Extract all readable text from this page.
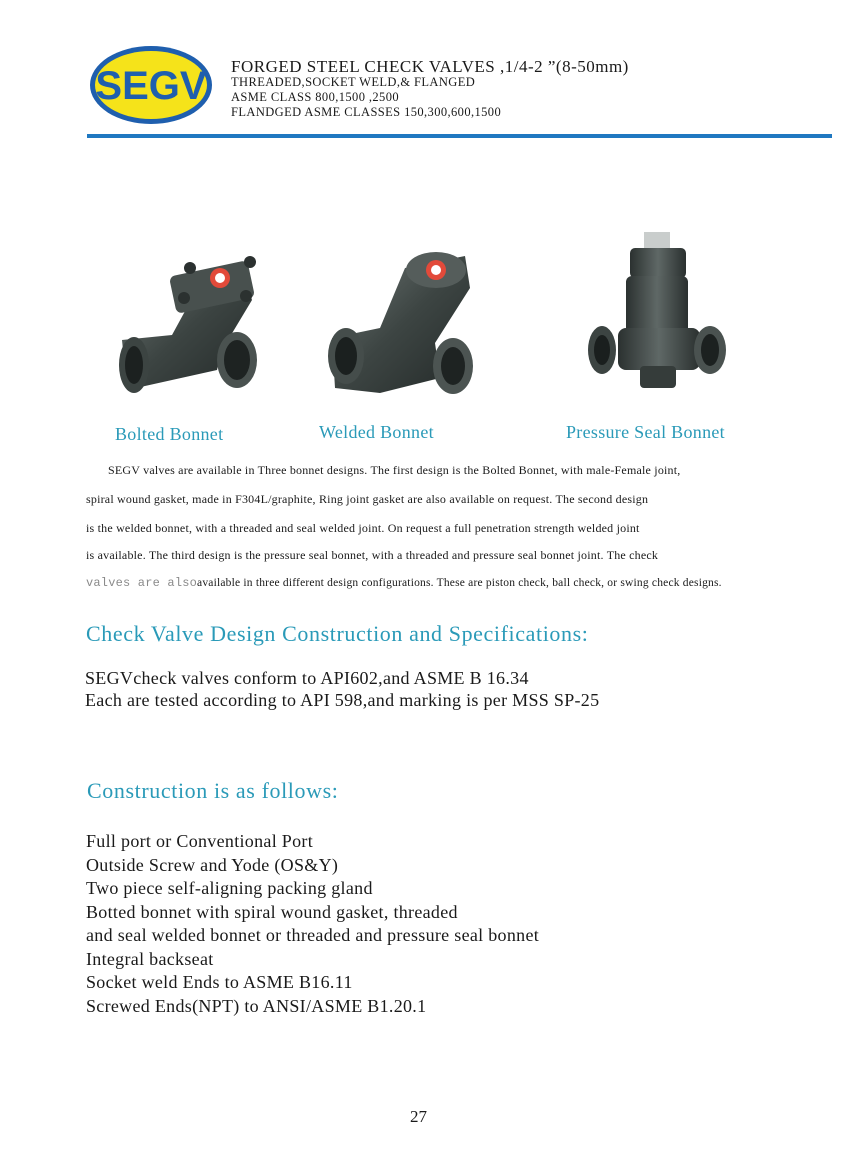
SEGV FORGED STEEL CHECK VALVES ,1/4-2 ”(8-50mm)
THREADED,SOCKET WELD,& FLANGED
ASME CLASS 800,1500 ,2500
FLANDGED ASME CLASSES 150,300,600,1500
Bolted Bonnet	Welded Bonnet	Pressure Seal Bonnet
SEGV valves are available in Three bonnet designs. The first design is the Bolted Bonnet, with male-Female joint,
spiral wound gasket, made in F304L/graphite, Ring joint gasket are also available on request. The second design
is the welded bonnet, with a threaded and seal welded joint. On request a full penetration strength welded joint
is available. The third design is the pressure seal bonnet, with a threaded and pressure seal bonnet joint. The check
valves are alsoavailable in three different design configurations. These are piston check, ball check, or swing check designs.
Check Valve Design Construction and Specifications:
SEGVcheck valves conform to API602,and ASME B 16.34
Each are tested according to API 598,and marking is per MSS SP-25
Construction is as follows:
Full port or Conventional Port
Outside Screw and Yode (OS&Y)
Two piece self-aligning packing gland
Botted bonnet with spiral wound gasket, threaded
and seal welded bonnet or threaded and pressure seal bonnet
Integral backseat
Socket weld Ends to ASME B16.11
Screwed Ends(NPT) to ANSI/ASME B1.20.1
27
